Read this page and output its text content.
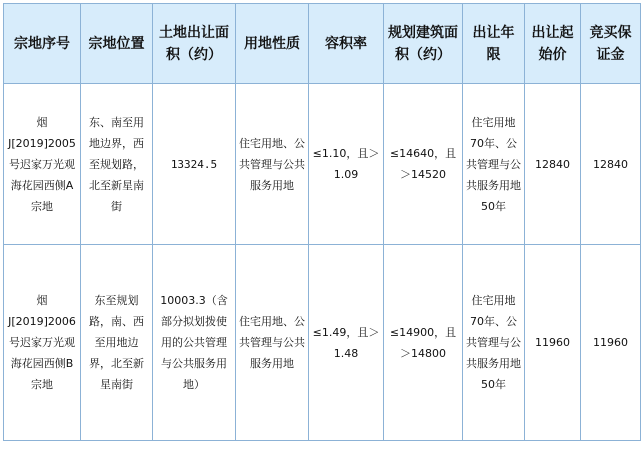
宗地序号	宗地位置	土地出让面积（约）	用地性质	容积率	规划建筑面积（约）	出让年限	出让起始价	竞买保证金
烟J[2019]2005号迟家万光观海花园西侧A宗地	东、南至用地边界，西至规划路，北至新星南街	13324.5	住宅用地、公共管理与公共服务用地	≤1.10，且＞1.09	≤14640，且＞14520	住宅用地70年、公共管理与公共服务用地50年	12840	12840
烟J[2019]2006 号迟家万光观海花园西侧B宗地	东至规划路，南、西至用地边界，北至新星南街	10003.3（含部分拟划拨使用的公共管理与公共服务用地）	住宅用地、公共管理与公共服务用地	≤1.49，且＞1.48	≤14900，且＞14800	住宅用地70年、公共管理与公共服务用地50年	11960	11960
